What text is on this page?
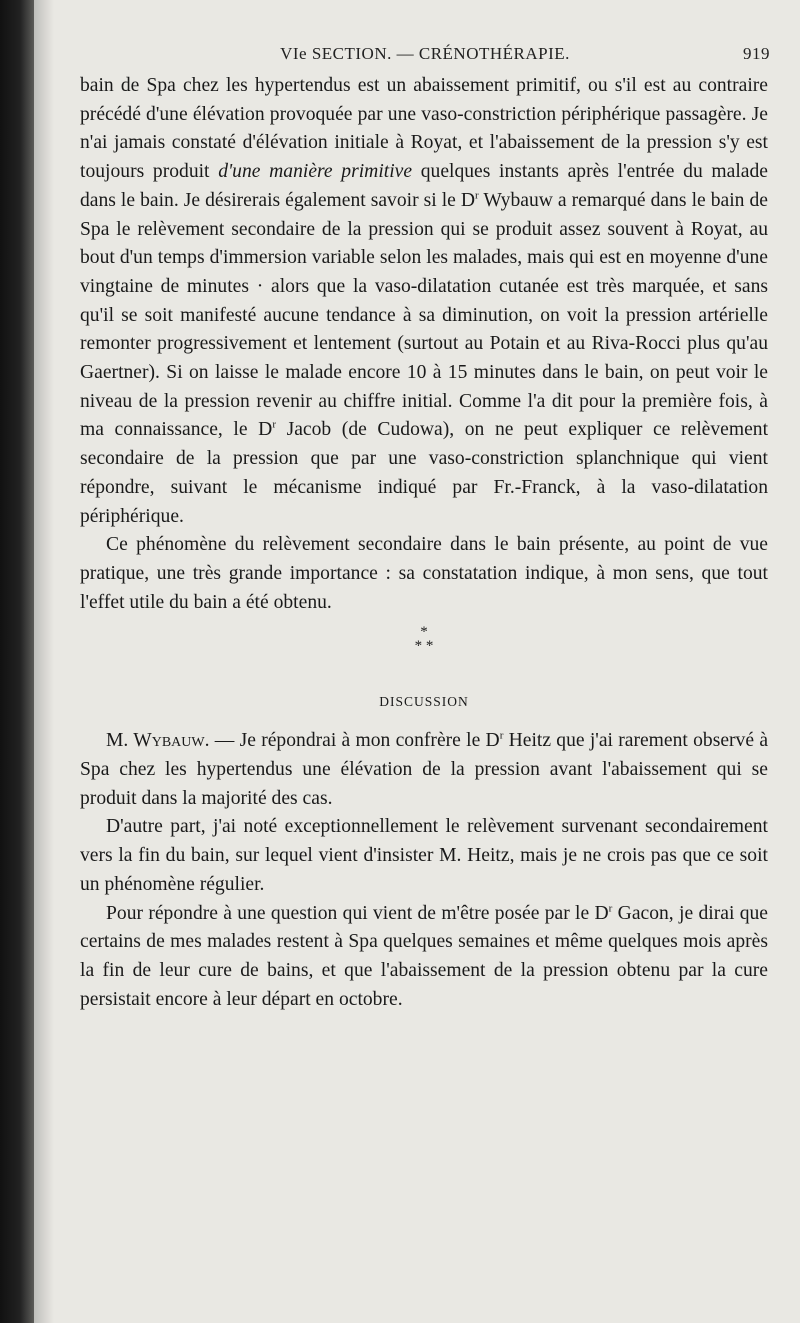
VIe SECTION. — CRÉNOTHÉRAPIE.	919

bain de Spa chez les hypertendus est un abaissement primitif, ou s'il est au contraire précédé d'une élévation provoquée par une vaso-constriction périphérique passagère. Je n'ai jamais constaté d'élévation initiale à Royat, et l'abaissement de la pression s'y est toujours produit d'une manière primitive quelques instants après l'entrée du malade dans le bain. Je désirerais également savoir si le $D^r$ Wybauw a remarqué dans le bain de Spa le relèvement secondaire de la pression qui se produit assez souvent à Royat, au bout d'un temps d'immersion variable selon les malades, mais qui est en moyenne d'une vingtaine de minutes · alors que la vaso-dilatation cutanée est très marquée, et sans qu'il se soit manifesté aucune tendance à sa diminution, on voit la pression artérielle remonter progressivement et lentement (surtout au Potain et au Riva-Rocci plus qu'au Gaertner). Si on laisse le malade encore 10 à 15 minutes dans le bain, on peut voir le niveau de la pression revenir au chiffre initial. Comme l'a dit pour la première fois, à ma connaissance, le $D^r$ Jacob (de Cudowa), on ne peut expliquer ce relèvement secondaire de la pression que par une vaso-constriction splanchnique qui vient répondre, suivant le mécanisme indiqué par Fr.-Franck, à la vaso-dilatation périphérique.

Ce phénomène du relèvement secondaire dans le bain présente, au point de vue pratique, une très grande importance : sa constatation indique, à mon sens, que tout l'effet utile du bain a été obtenu.

*
* *
DISCUSSION

M. Wybauw. — Je répondrai à mon confrère le $D^r$ Heitz que j'ai rarement observé à Spa chez les hypertendus une élévation de la pression avant l'abaissement qui se produit dans la majorité des cas.

D'autre part, j'ai noté exceptionnellement le relèvement survenant secondairement vers la fin du bain, sur lequel vient d'insister M. Heitz, mais je ne crois pas que ce soit un phénomène régulier.

Pour répondre à une question qui vient de m'être posée par le $D^r$ Gacon, je dirai que certains de mes malades restent à Spa quelques semaines et même quelques mois après la fin de leur cure de bains, et que l'abaissement de la pression obtenu par la cure persistait encore à leur départ en octobre.
